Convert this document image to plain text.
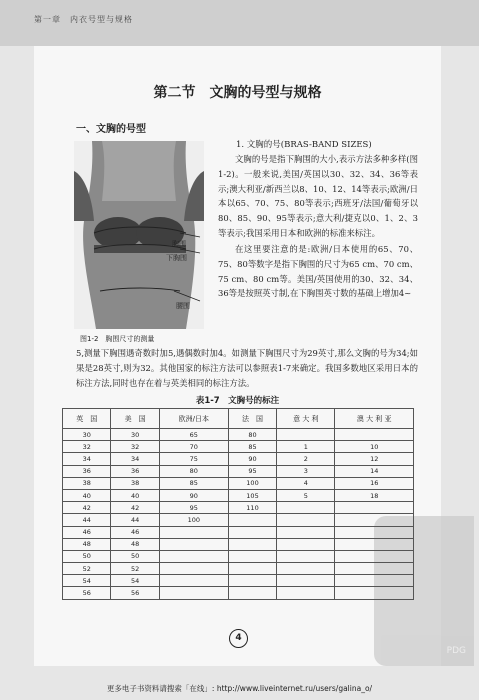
第一章　内衣号型与规格
PDG
第二节　文胸的号型与规格
一、文胸的号型
胸围
下胸围
腰围
图1-2　胸围尺寸的测量
1. 文胸的号(BRAS-BAND SIZES)

文胸的号是指下胸围的大小,表示方法多种多样(图1-2)。一般来说,美国/英国以30、32、34、36等表示;澳大利亚/新西兰以8、10、12、14等表示;欧洲/日本以65、70、75、80等表示;西班牙/法国/葡萄牙以80、85、90、95等表示;意大利/捷克以0、1、2、3等表示;我国采用日本和欧洲的标准来标注。

在这里要注意的是:欧洲/日本使用的65、70、75、80等数字是指下胸围的尺寸为65 cm、70 cm、75 cm、80 cm等。美国/英国使用的30、32、34、36等是按照英寸制,在下胸围英寸数的基础上增加4~

5,测量下胸围遇奇数时加5,遇偶数时加4。如测量下胸围尺寸为29英寸,那么文胸的号为34;如果是28英寸,则为32。其他国家的标注方法可以参照表1-7来确定。我国多数地区采用日本的标注方法,同时也存在着与英美相同的标注方法。

表1-7　文胸号的标注
英　国	美　国	欧洲/日本	法　国	意 大 利	澳 大 利 亚
30	30	65	80		
32	32	70	85	1	10
34	34	75	90	2	12
36	36	80	95	3	14
38	38	85	100	4	16
40	40	90	105	5	18
42	42	95	110		
44	44	100			
46	46				
48	48				
50	50				
52	52				
54	54				
56	56				
4
更多电子书资料请搜索「在线」: http://www.liveinternet.ru/users/galina_o/
